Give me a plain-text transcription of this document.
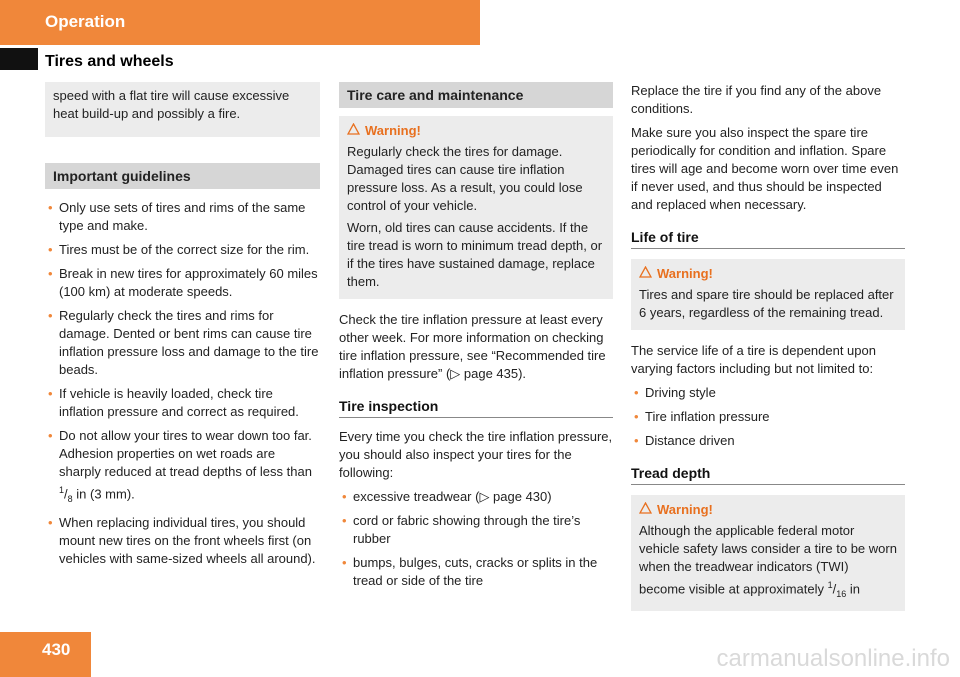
Operation
Tires and wheels

speed with a flat tire will cause excessive heat build-up and possibly a fire.

Important guidelines
• Only use sets of tires and rims of the same type and make.
• Tires must be of the correct size for the rim.
• Break in new tires for approximately 60 miles (100 km) at moderate speeds.
• Regularly check the tires and rims for damage. Dented or bent rims can cause tire inflation pressure loss and damage to the tire beads.
• If vehicle is heavily loaded, check tire inflation pressure and correct as required.
• Do not allow your tires to wear down too far. Adhesion properties on wet roads are sharply reduced at tread depths of less than $^1/_8$ in (3 mm).
• When replacing individual tires, you should mount new tires on the front wheels first (on vehicles with same-sized wheels all around).
Tire care and maintenance
Warning!

Regularly check the tires for damage. Damaged tires can cause tire inflation pressure loss. As a result, you could lose control of your vehicle.

Worn, old tires can cause accidents. If the tire tread is worn to minimum tread depth, or if the tires have sustained damage, replace them.

Check the tire inflation pressure at least every other week. For more information on checking tire inflation pressure, see “Recommended tire inflation pressure” (▷ page 435).

Tire inspection

Every time you check the tire inflation pressure, you should also inspect your tires for the following:

• excessive treadwear (▷ page 430)
• cord or fabric showing through the tire’s rubber
• bumps, bulges, cuts, cracks or splits in the tread or side of the tire

Replace the tire if you find any of the above conditions.

Make sure you also inspect the spare tire periodically for condition and inflation. Spare tires will age and become worn over time even if never used, and thus should be inspected and replaced when necessary.

Life of tire
Warning!

Tires and spare tire should be replaced after 6 years, regardless of the remaining tread.

The service life of a tire is dependent upon varying factors including but not limited to:

• Driving style
• Tire inflation pressure
• Distance driven
Tread depth
Warning!

Although the applicable federal motor vehicle safety laws consider a tire to be worn when the treadwear indicators (TWI) become visible at approximately $^1/_{16}$ in

430	carmanualsonline.info
